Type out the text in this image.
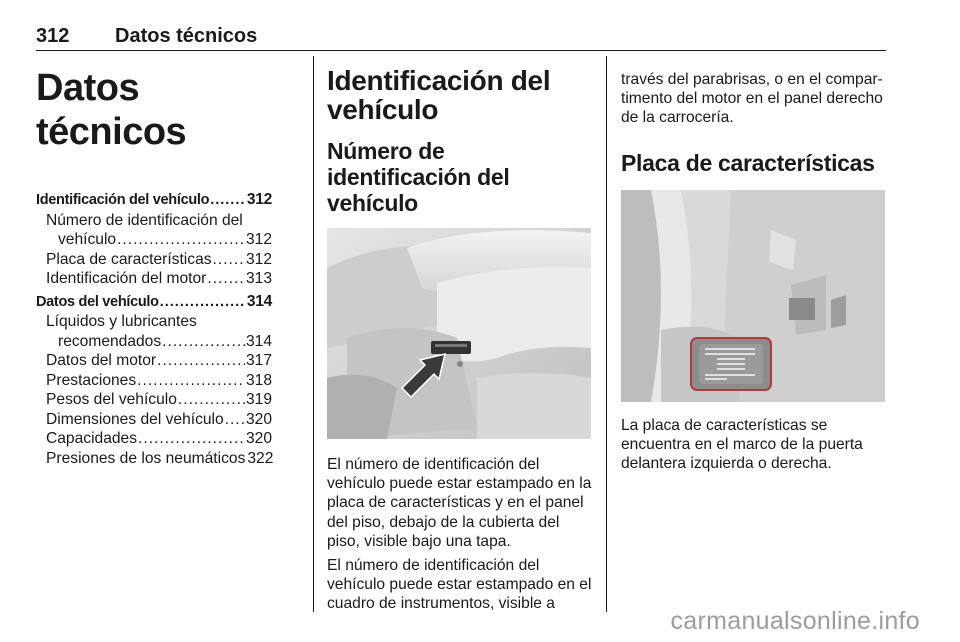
312 Datos técnicos
Datos técnicos
Identificación del vehículo ..... 312
Número de identificación del
vehículo .....	312
Placa de características ..... 312
Identificación del motor .....	313
Datos del vehículo .....	314
Líquidos y lubricantes
recomendados .....	314
Datos del motor .....	317
Prestaciones .....	318
Pesos del vehículo .....	319
Dimensiones del vehículo ..... 320
Capacidades .....	320
Presiones de los neumáticos 322
Identificación del vehículo
Número de identificación del vehículo

El número de identificación del vehículo puede estar estampado en la placa de características y en el panel del piso, debajo de la cubierta del piso, visible bajo una tapa.

El número de identificación del vehículo puede estar estampado en el cuadro de instrumentos, visible a

través del parabrisas, o en el compar-timento del motor en el panel derecho de la carrocería.

Placa de características

La placa de características se encuentra en el marco de la puerta delantera izquierda o derecha.

carmanualsonline.info
